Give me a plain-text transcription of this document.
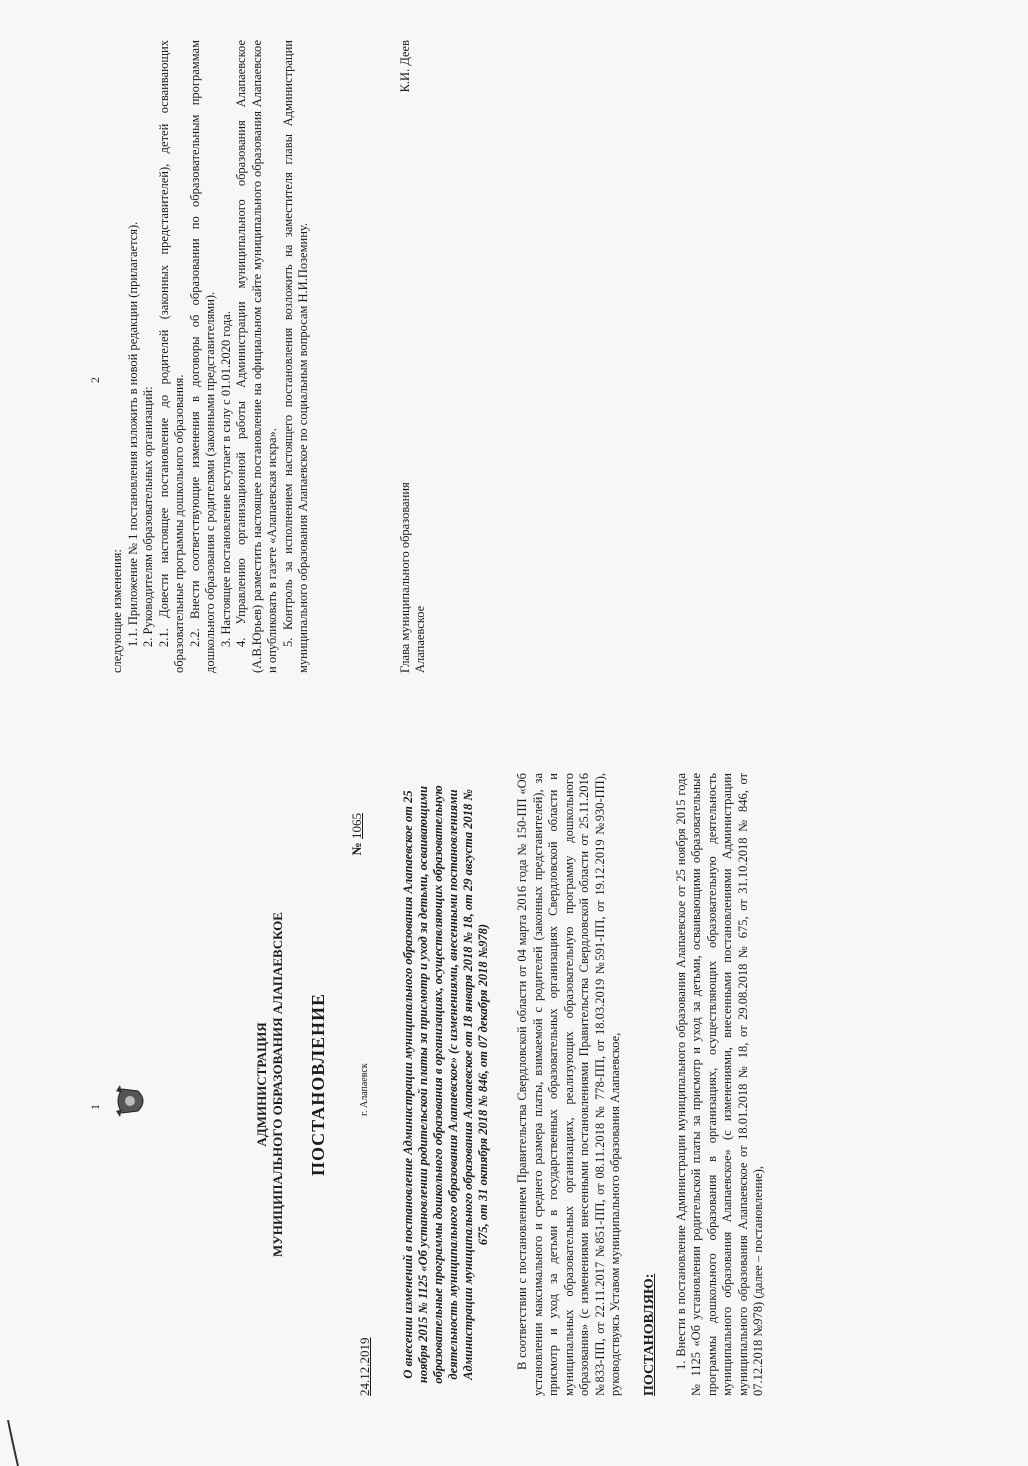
1	АДМИНИСТРАЦИЯ МУНИЦИПАЛЬНОГО ОБРАЗОВАНИЯ АЛАПАЕВСКОЕ ПОСТАНОВЛЕНИЕ
24.12.2019
г. Алапаевск
№ 1065	О внесении изменений в постановление Администрации муниципального образования Алапаевское от 25 ноября 2015 № 1125 «Об установлении родительской платы за присмотр и уход за детьми, осваивающими образовательные программы дошкольного образования в организациях, осуществляющих образовательную деятельность муниципального образования Алапаевское» (с изменениями, внесенными постановлениями Администрации муниципального образования Алапаевское от 18 января 2018 № 18, от 29 августа 2018 № 675, от 31 октября 2018 № 846, от 07 декабря 2018 №978) В соответствии с постановлением Правительства Свердловской области от 04 марта 2016 года № 150-ПП «Об установлении максимального и среднего размера платы, взимаемой с родителей (законных представителей), за присмотр и уход за детьми в государственных образовательных организациях Свердловской области и муниципальных образовательных организациях, реализующих образовательную программу дошкольного образования» (с изменениями внесенными постановлениями Правительства Свердловской области от 25.11.2016 №833-ПП, от 22.11.2017 №851-ПП, от 08.11.2018 № 778-ПП, от 18.03.2019 №591-ПП, от 19.12.2019 №930-ПП), руководствуясь Уставом муниципального образования Алапаевское, ПОСТАНОВЛЯЮ: 1. Внести в постановление Администрации муниципального образования Алапаевское от 25 ноября 2015 года № 1125 «Об установлении родительской платы за присмотр и уход за детьми, осваивающими образовательные программы дошкольного образования в организациях, осуществляющих образовательную деятельность муниципального образования Алапаевское» (с изменениями, внесенными постановлениями Администрации муниципального образования Алапаевское от 18.01.2018 № 18, от 29.08.2018 № 675, от 31.10.2018 № 846, от 07.12.2018 №978) (далее – постановление),

2

следующие изменения: 1.1. Приложение № 1 постановления изложить в новой редакции (прилагается). 2. Руководителям образовательных организаций: 2.1. Довести настоящее постановление до родителей (законных представителей), детей осваивающих образовательные программы дошкольного образования. 2.2. Внести соответствующие изменения в договоры об образовании по образовательным программам дошкольного образования с родителями (законными представителями). 3. Настоящее постановление вступает в силу с 01.01.2020 года. 4. Управлению организационной работы Администрации муниципального образования Алапаевское (А.В.Юрьев) разместить настоящее постановление на официальном сайте муниципального образования Алапаевское и опубликовать в газете «Алапаевская искра». 5. Контроль за исполнением настоящего постановления возложить на заместителя главы Администрации муниципального образования Алапаевское по социальным вопросам Н.И.Поземину.	Глава муниципального образования Алапаевское
К.И. Деев
